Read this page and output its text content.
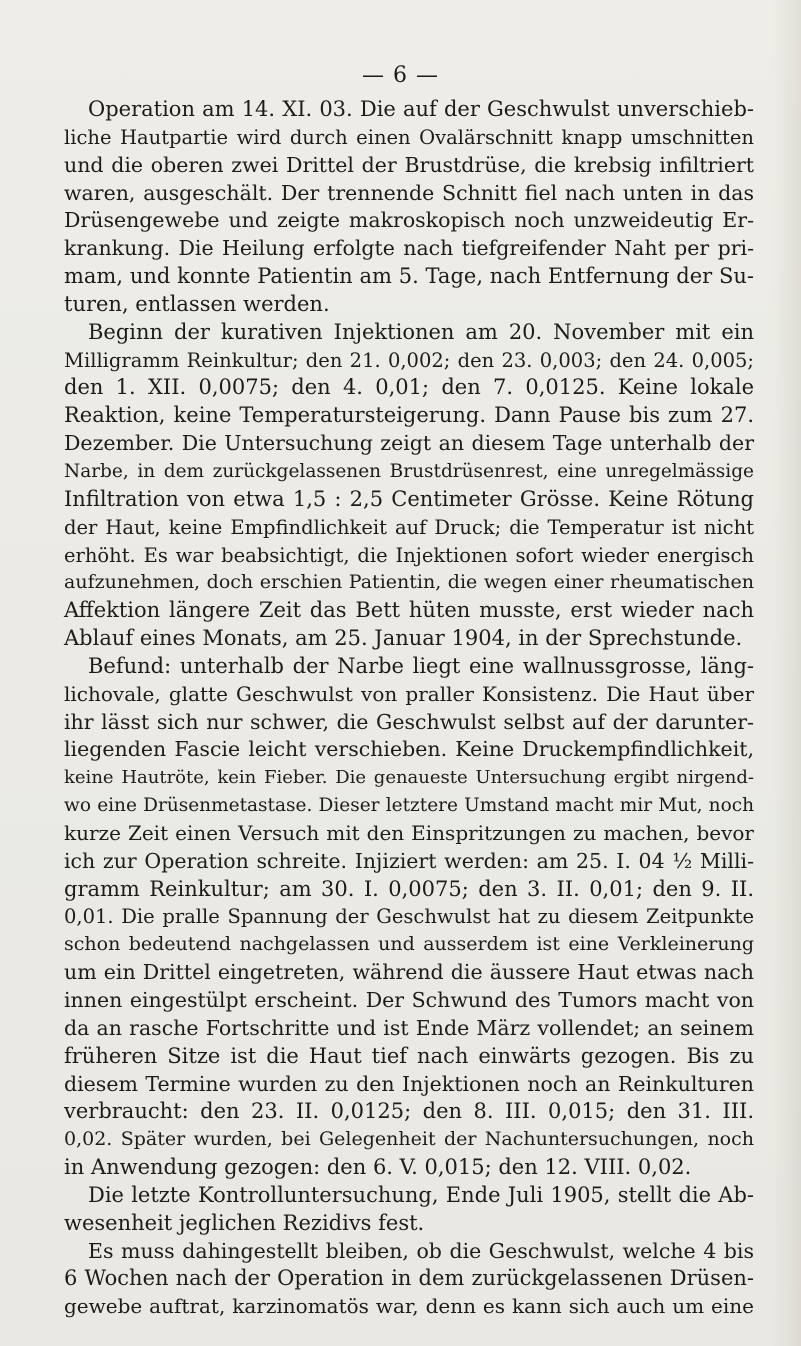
— 6 —
Operation am 14. XI. 03. Die auf der Geschwulst unverschieb-
liche Hautpartie wird durch einen Ovalärschnitt knapp umschnitten
und die oberen zwei Drittel der Brustdrüse, die krebsig infiltriert
waren, ausgeschält. Der trennende Schnitt fiel nach unten in das
Drüsengewebe und zeigte makroskopisch noch unzweideutig Er-
krankung. Die Heilung erfolgte nach tiefgreifender Naht per pri-
mam, und konnte Patientin am 5. Tage, nach Entfernung der Su-
turen, entlassen werden.
Beginn der kurativen Injektionen am 20. November mit ein
Milligramm Reinkultur; den 21. 0,002; den 23. 0,003; den 24. 0,005;
den 1. XII. 0,0075; den 4. 0,01; den 7. 0,0125. Keine lokale
Reaktion, keine Temperatursteigerung. Dann Pause bis zum 27.
Dezember. Die Untersuchung zeigt an diesem Tage unterhalb der
Narbe, in dem zurückgelassenen Brustdrüsenrest, eine unregelmässige
Infiltration von etwa 1,5 : 2,5 Centimeter Grösse. Keine Rötung
der Haut, keine Empfindlichkeit auf Druck; die Temperatur ist nicht
erhöht. Es war beabsichtigt, die Injektionen sofort wieder energisch
aufzunehmen, doch erschien Patientin, die wegen einer rheumatischen
Affektion längere Zeit das Bett hüten musste, erst wieder nach
Ablauf eines Monats, am 25. Januar 1904, in der Sprechstunde.
Befund: unterhalb der Narbe liegt eine wallnussgrosse, läng-
lichovale, glatte Geschwulst von praller Konsistenz. Die Haut über
ihr lässt sich nur schwer, die Geschwulst selbst auf der darunter-
liegenden Fascie leicht verschieben. Keine Druckempfindlichkeit,
keine Hautröte, kein Fieber. Die genaueste Untersuchung ergibt nirgend-
wo eine Drüsenmetastase. Dieser letztere Umstand macht mir Mut, noch
kurze Zeit einen Versuch mit den Einspritzungen zu machen, bevor
ich zur Operation schreite. Injiziert werden: am 25. I. 04 ½ Milli-
gramm Reinkultur; am 30. I. 0,0075; den 3. II. 0,01; den 9. II.
0,01. Die pralle Spannung der Geschwulst hat zu diesem Zeitpunkte
schon bedeutend nachgelassen und ausserdem ist eine Verkleinerung
um ein Drittel eingetreten, während die äussere Haut etwas nach
innen eingestülpt erscheint. Der Schwund des Tumors macht von
da an rasche Fortschritte und ist Ende März vollendet; an seinem
früheren Sitze ist die Haut tief nach einwärts gezogen. Bis zu
diesem Termine wurden zu den Injektionen noch an Reinkulturen
verbraucht: den 23. II. 0,0125; den 8. III. 0,015; den 31. III.
0,02. Später wurden, bei Gelegenheit der Nachuntersuchungen, noch
in Anwendung gezogen: den 6. V. 0,015; den 12. VIII. 0,02.
Die letzte Kontrolluntersuchung, Ende Juli 1905, stellt die Ab-
wesenheit jeglichen Rezidivs fest.
Es muss dahingestellt bleiben, ob die Geschwulst, welche 4 bis
6 Wochen nach der Operation in dem zurückgelassenen Drüsen-
gewebe auftrat, karzinomatös war, denn es kann sich auch um eine
